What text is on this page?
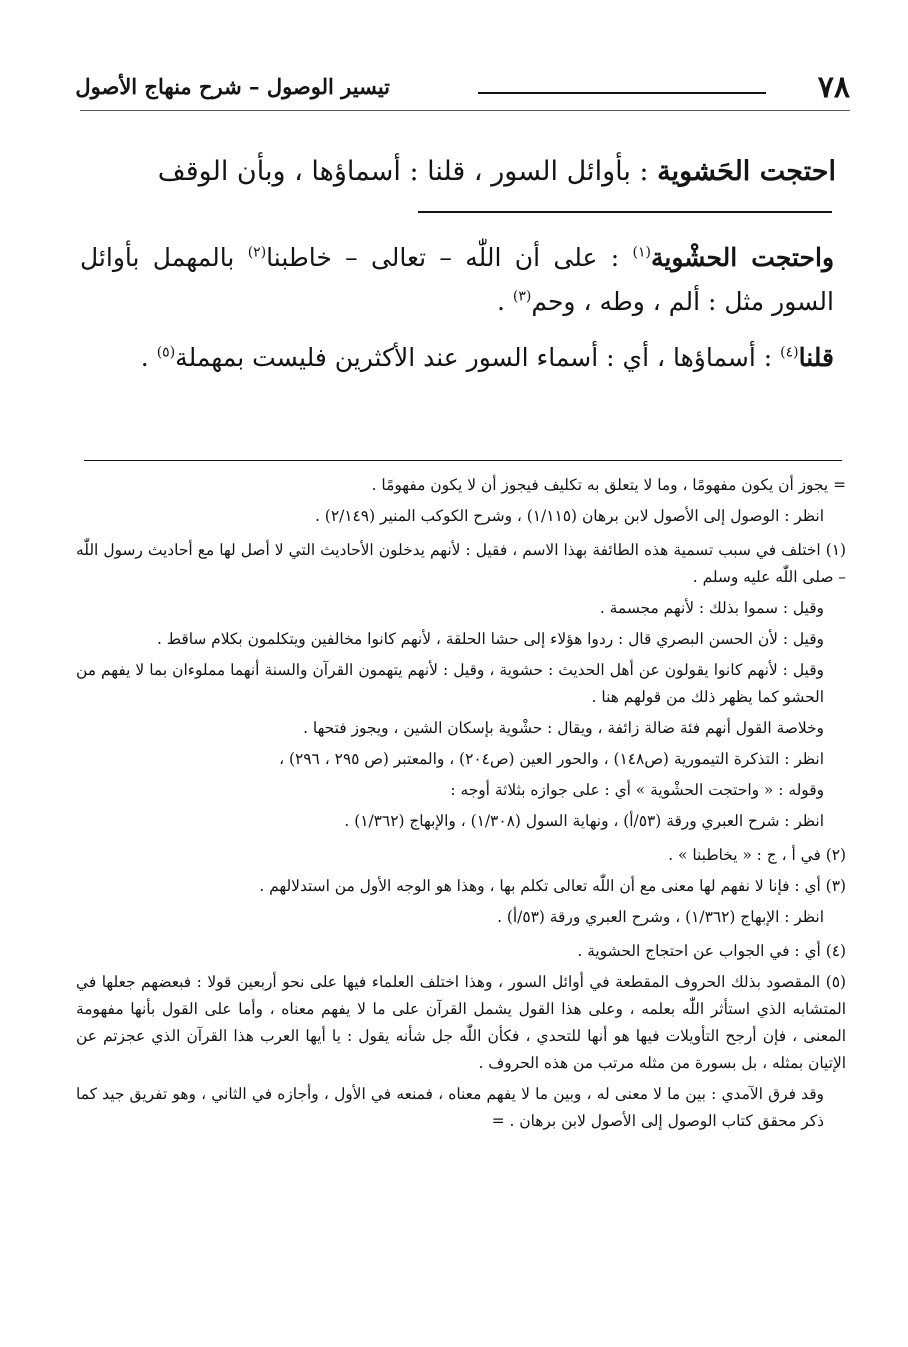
٧٨
تيسير الوصول – شرح منهاج الأصول
احتجت الحَشوية : بأوائل السور ، قلنا : أسماؤها ، وبأن الوقف

واحتجت الحشْوية$^{(١)}$ : على أن اللّٰه – تعالى – خاطبنا$^{(٢)}$ بالمهمل بأوائل السور مثل : ألم ، وطه ، وحم$^{(٣)}$ .

قلنا$^{(٤)}$ : أسماؤها ، أي : أسماء السور عند الأكثرين فليست بمهملة$^{(٥)}$ .

= يجوز أن يكون مفهومًا ، وما لا يتعلق به تكليف فيجوز أن لا يكون مفهومًا .

انظر : الوصول إلى الأصول لابن برهان (١/١١٥) ، وشرح الكوكب المنير (٢/١٤٩) .

(١) اختلف في سبب تسمية هذه الطائفة بهذا الاسم ، فقيل : لأنهم يدخلون الأحاديث التي لا أصل لها مع أحاديث رسول اللّٰه – صلى اللّٰه عليه وسلم .

وقيل : سموا بذلك : لأنهم مجسمة .

وقيل : لأن الحسن البصري قال : ردوا هؤلاء إلى حشا الحلقة ، لأنهم كانوا مخالفين ويتكلمون بكلام ساقط .

وقيل : لأنهم كانوا يقولون عن أهل الحديث : حشوية ، وقيل : لأنهم يتهمون القرآن والسنة أنهما مملوءان بما لا يفهم من الحشو كما يظهر ذلك من قولهم هنا .

وخلاصة القول أنهم فئة ضالة زائفة ، ويقال : حشْوية بإسكان الشين ، ويجوز فتحها .

انظر : التذكرة التيمورية (ص١٤٨) ، والحور العين (ص٢٠٤) ، والمعتبر (ص ٢٩٥ ، ٢٩٦) ،

وقوله : « واحتجت الحشْوية » أي : على جوازه بثلاثة أوجه :

انظر : شرح العبري ورقة (٥٣/أ) ، ونهاية السول (١/٣٠٨) ، والإبهاج (١/٣٦٢) .

(٢) في أ ، ج : « يخاطبنا » .

(٣) أي : فإنا لا نفهم لها معنى مع أن اللّٰه تعالى تكلم بها ، وهذا هو الوجه الأول من استدلالهم .

انظر : الإبهاج (١/٣٦٢) ، وشرح العبري ورقة (٥٣/أ) .

(٤) أي : في الجواب عن احتجاج الحشوية .

(٥) المقصود بذلك الحروف المقطعة في أوائل السور ، وهذا اختلف العلماء فيها على نحو أربعين قولا : فبعضهم جعلها في المتشابه الذي استأثر اللّٰه بعلمه ، وعلى هذا القول يشمل القرآن على ما لا يفهم معناه ، وأما على القول بأنها مفهومة المعنى ، فإن أرجح التأويلات فيها هو أنها للتحدي ، فكأن اللّٰه جل شأنه يقول : يا أيها العرب هذا القرآن الذي عجزتم عن الإتيان بمثله ، بل بسورة من مثله مرتب من هذه الحروف .

وقد فرق الآمدي : بين ما لا معنى له ، وبين ما لا يفهم معناه ، فمنعه في الأول ، وأجازه في الثاني ، وهو تفريق جيد كما ذكر محقق كتاب الوصول إلى الأصول لابن برهان . =
